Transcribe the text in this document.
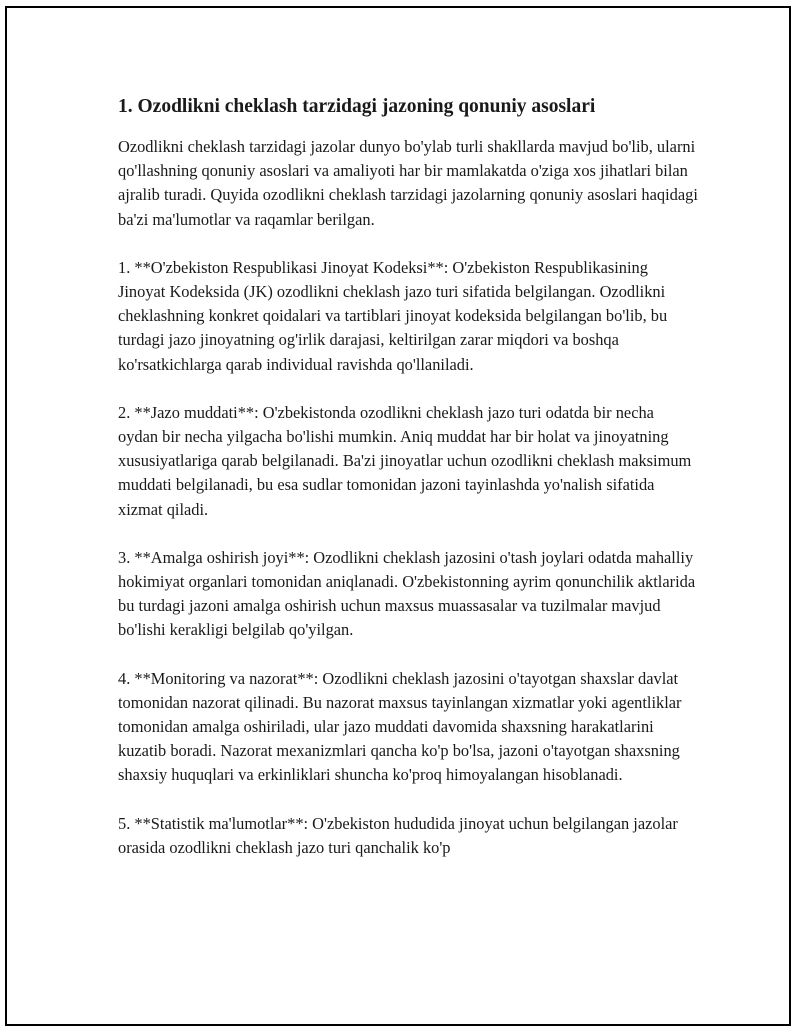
1. Ozodlikni cheklash tarzidagi jazoning qonuniy asoslari

Ozodlikni cheklash tarzidagi jazolar dunyo bo'ylab turli shakllarda mavjud bo'lib, ularni qo'llashning qonuniy asoslari va amaliyoti har bir mamlakatda o'ziga xos jihatlari bilan ajralib turadi. Quyida ozodlikni cheklash tarzidagi jazolarning qonuniy asoslari haqidagi ba'zi ma'lumotlar va raqamlar berilgan.

1. **O'zbekiston Respublikasi Jinoyat Kodeksi**: O'zbekiston Respublikasining Jinoyat Kodeksida (JK) ozodlikni cheklash jazo turi sifatida belgilangan. Ozodlikni cheklashning konkret qoidalari va tartiblari jinoyat kodeksida belgilangan bo'lib, bu turdagi jazo jinoyatning og'irlik darajasi, keltirilgan zarar miqdori va boshqa ko'rsatkichlarga qarab individual ravishda qo'llaniladi.

2. **Jazo muddati**: O'zbekistonda ozodlikni cheklash jazo turi odatda bir necha oydan bir necha yilgacha bo'lishi mumkin. Aniq muddat har bir holat va jinoyatning xususiyatlariga qarab belgilanadi. Ba'zi jinoyatlar uchun ozodlikni cheklash maksimum muddati belgilanadi, bu esa sudlar tomonidan jazoni tayinlashda yo'nalish sifatida xizmat qiladi.

3. **Amalga oshirish joyi**: Ozodlikni cheklash jazosini o'tash joylari odatda mahalliy hokimiyat organlari tomonidan aniqlanadi. O'zbekistonning ayrim qonunchilik aktlarida bu turdagi jazoni amalga oshirish uchun maxsus muassasalar va tuzilmalar mavjud bo'lishi kerakligi belgilab qo'yilgan.

4. **Monitoring va nazorat**: Ozodlikni cheklash jazosini o'tayotgan shaxslar davlat tomonidan nazorat qilinadi. Bu nazorat maxsus tayinlangan xizmatlar yoki agentliklar tomonidan amalga oshiriladi, ular jazo muddati davomida shaxsning harakatlarini kuzatib boradi. Nazorat mexanizmlari qancha ko'p bo'lsa, jazoni o'tayotgan shaxsning shaxsiy huquqlari va erkinliklari shuncha ko'proq himoyalangan hisoblanadi.

5. **Statistik ma'lumotlar**: O'zbekiston hududida jinoyat uchun belgilangan jazolar orasida ozodlikni cheklash jazo turi qanchalik ko'p
